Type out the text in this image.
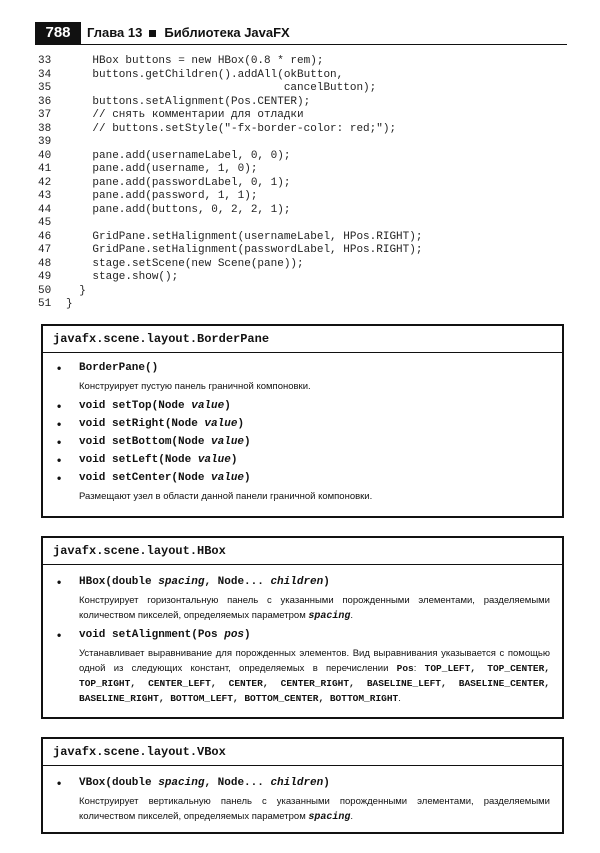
788	Глава 13 Библиотека JavaFX
33    HBox buttons = new HBox(0.8 * rem);
34    buttons.getChildren().addAll(okButton,
35                                 cancelButton);
36    buttons.setAlignment(Pos.CENTER);
37    // снять комментарии для отладки
38    // buttons.setStyle("-fx-border-color: red;");
39
40    pane.add(usernameLabel, 0, 0);
41    pane.add(username, 1, 0);
42    pane.add(passwordLabel, 0, 1);
43    pane.add(password, 1, 1);
44    pane.add(buttons, 0, 2, 2, 1);
45
46    GridPane.setHalignment(usernameLabel, HPos.RIGHT);
47    GridPane.setHalignment(passwordLabel, HPos.RIGHT);
48    stage.setScene(new Scene(pane));
49    stage.show();
50  }
51 }
javafx.scene.layout.BorderPane
• BorderPane()
Конструирует пустую панель граничной компоновки.
• void setTop(Node value)
• void setRight(Node value)
• void setBottom(Node value)
• void setLeft(Node value)
• void setCenter(Node value)
Размещают узел в области данной панели граничной компоновки.
javafx.scene.layout.HBox
• HBox(double spacing, Node... children)
Конструирует горизонтальную панель с указанными порожденными элементами, разделяемыми количеством пикселей, определяемых параметром spacing.
• void setAlignment(Pos pos)
Устанавливает выравнивание для порожденных элементов. Вид выравнивания указывается с помощью одной из следующих констант, определяемых в перечислении Pos: TOP_LEFT, TOP_CENTER, TOP_RIGHT, CENTER_LEFT, CENTER, CENTER_RIGHT, BASELINE_LEFT, BASELINE_CENTER, BASELINE_RIGHT, BOTTOM_LEFT, BOTTOM_CENTER, BOTTOM_RIGHT.
javafx.scene.layout.VBox
• VBox(double spacing, Node... children)
Конструирует вертикальную панель с указанными порожденными элементами, разделяемыми количеством пикселей, определяемых параметром spacing.
